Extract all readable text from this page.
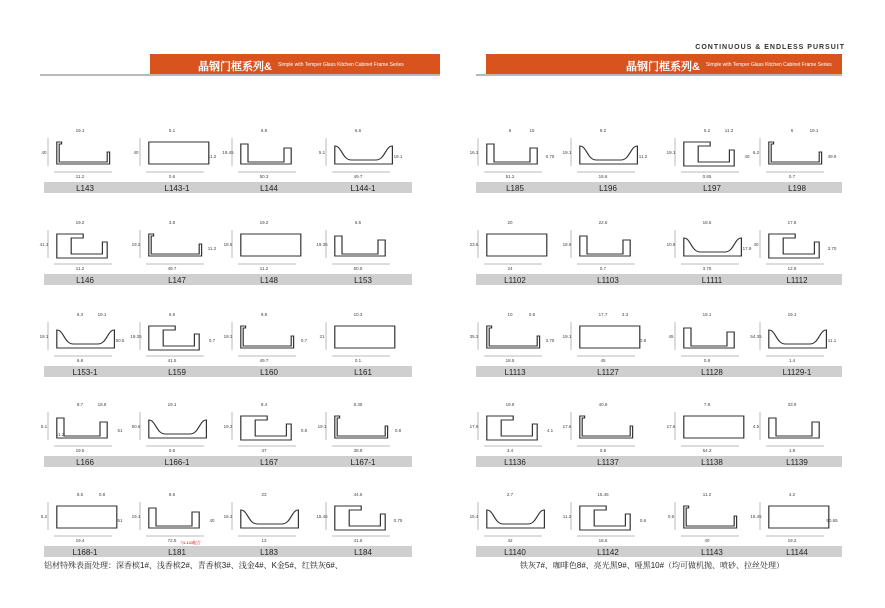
CONTINUOUS & ENDLESS PURSUIT
晶钢门框系列& Simple with Temper Glass Kitchen Cabinet Frame Series	晶钢门框系列& Simple with Temper Glass Kitchen Cabinet Frame Series
19.1
40
11.2
L143
5.1
40
0.6
11.2
L143-1
6.8
19.45
50.3
L144
6.6
5.1
49.7
19.1
L144-1
19.2
41.3
11.2
L146
3.8
19.2
49.7
11.2
L147
19.2
18.6
11.2
L148
6.5
19.35
50.5
L153
6.3
19.1
6.8
50.5
19.1
L153-1
6.5
19.35
41.5
0.7
L159
9.8
19.3
49.7
0.7
L160
10.3
21
0.1
L161
8.7
6.1
19.5
51
18.8
11.2
L166
19.1
50.6
0.6
L166-1
8.4
19.3
37
0.8
L167
8.35
19.1
38.8
0.8
L167-1
8.5
5.2
19.4
51
0.8
L168-1
8.5
19.1
72.5
40
L181
与L143配合
23
16.3
13
L183
44.6
15.45
41.6
0.75
L184
6
16.3
51.2
0.75
15
L185
8.2
19.1
18.6
11.2
L196
5.2
19.1
0.65
40
11.2
L197
6
6.2
0.7
49.9
19.1
L198
20
23.6
24
L1102
22.6
18.6
0.7
L1103
18.5
10.8
3.75
17.9
L1111
17.8
40
12.8
3.70
L1112
10
35.3
18.5
3.75
0.8
L1113
17.7
19.1
45
0.8
3.3
L1127
19.1
45
0.8
L1128
19.1
54.35
1.4
11.1
L1129-1
19.8
17.6
3.4
4.1
L1136
40.8
17.6
0.8
L1137
7.8
17.6
54.2
L1138
33.9
4.5
1.8
L1139
2.7
15.4
42
L1140
15.45
11.2
18.6
0.6
L1142
11.2
0.6
40
L1143
4.2
15.45
19.2
50.65
L1144
铝材特殊表面处理：深香槟1#、浅香槟2#、青香槟3#、浅金4#、K金5#、红铁灰6#、	铁灰7#、咖啡色8#、亮光黑9#、哑黑10#（均可做机抛、喷砂、拉丝处理）
